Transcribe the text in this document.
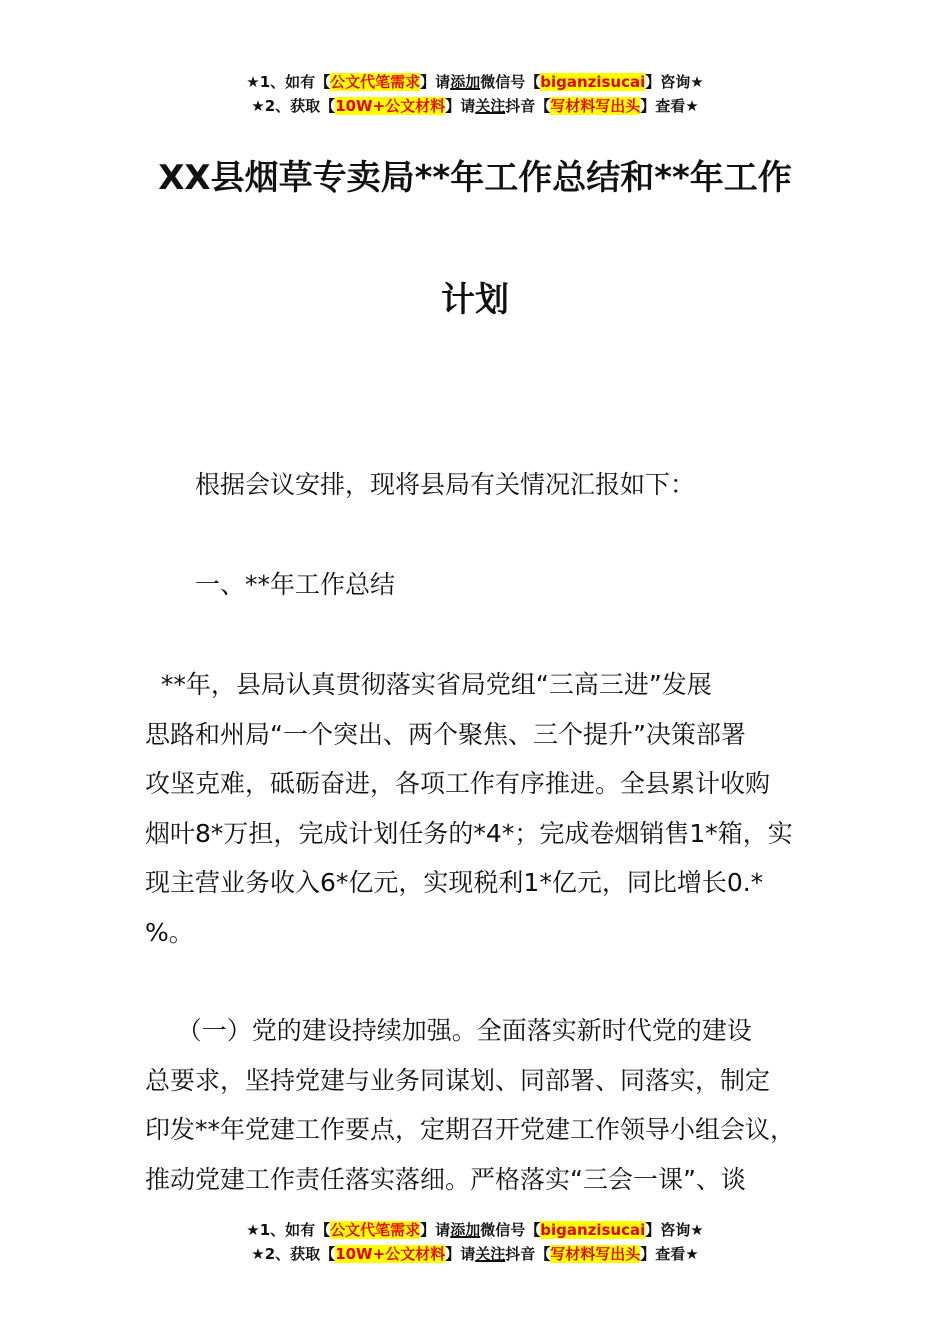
★1、如有【公文代笔需求】请添加微信号【biganzisucai】咨询★
★2、获取【10W+公文材料】请关注抖音【写材料写出头】查看★
XX县烟草专卖局**年工作总结和**年工作
计划
根据会议安排，现将县局有关情况汇报如下：
一、**年工作总结
**年，县局认真贯彻落实省局党组“三高三进”发展
思路和州局“一个突出、两个聚焦、三个提升”决策部署
攻坚克难，砥砺奋进，各项工作有序推进。全县累计收购
烟叶8*万担，完成计划任务的*4*；完成卷烟销售1*箱，实
现主营业务收入6*亿元，实现税利1*亿元，同比增长0.*
%。
（一）党的建设持续加强。全面落实新时代党的建设
总要求，坚持党建与业务同谋划、同部署、同落实，制定
印发**年党建工作要点，定期召开党建工作领导小组会议，
推动党建工作责任落实落细。严格落实“三会一课”、谈
★1、如有【公文代笔需求】请添加微信号【biganzisucai】咨询★
★2、获取【10W+公文材料】请关注抖音【写材料写出头】查看★
